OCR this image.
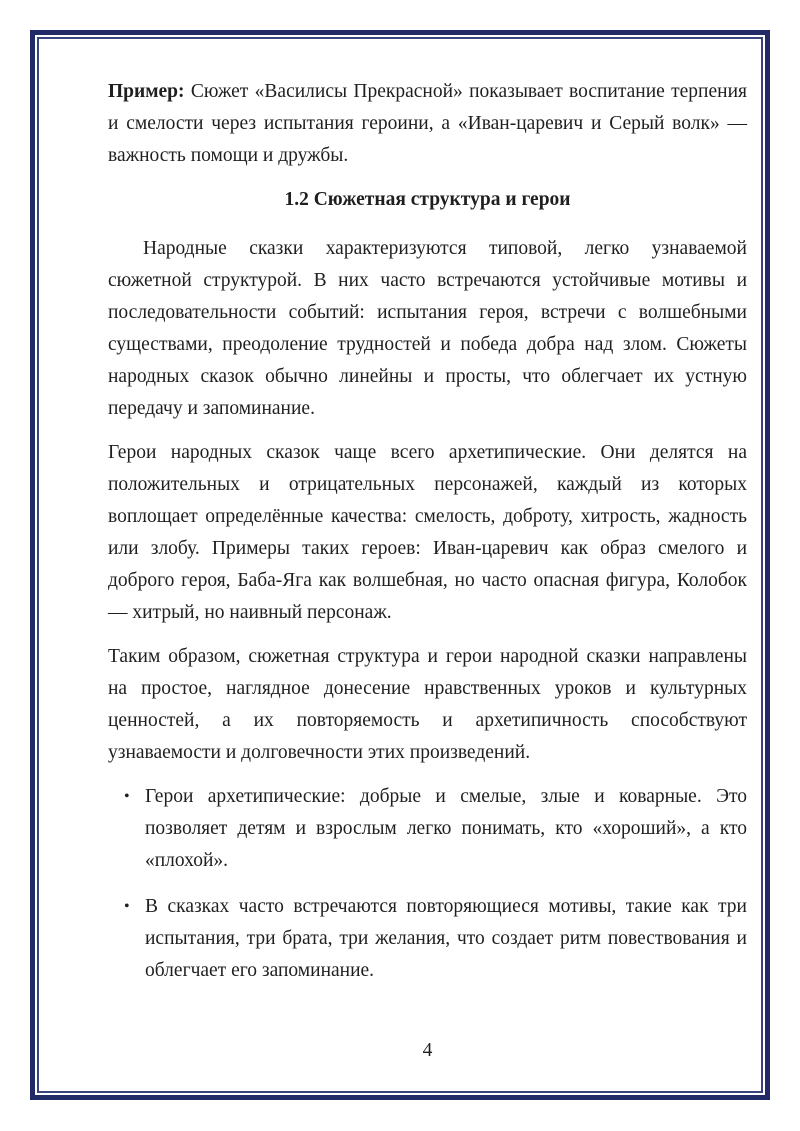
Пример: Сюжет «Василисы Прекрасной» показывает воспитание терпения и смелости через испытания героини, а «Иван-царевич и Серый волк» — важность помощи и дружбы.

1.2 Сюжетная структура и герои

Народные сказки характеризуются типовой, легко узнаваемой сюжетной структурой. В них часто встречаются устойчивые мотивы и последовательности событий: испытания героя, встречи с волшебными существами, преодоление трудностей и победа добра над злом. Сюжеты народных сказок обычно линейны и просты, что облегчает их устную передачу и запоминание.

Герои народных сказок чаще всего архетипические. Они делятся на положительных и отрицательных персонажей, каждый из которых воплощает определённые качества: смелость, доброту, хитрость, жадность или злобу. Примеры таких героев: Иван-царевич как образ смелого и доброго героя, Баба-Яга как волшебная, но часто опасная фигура, Колобок — хитрый, но наивный персонаж.

Таким образом, сюжетная структура и герои народной сказки направлены на простое, наглядное донесение нравственных уроков и культурных ценностей, а их повторяемость и архетипичность способствуют узнаваемости и долговечности этих произведений.

• Герои архетипические: добрые и смелые, злые и коварные. Это позволяет детям и взрослым легко понимать, кто «хороший», а кто «плохой».
• В сказках часто встречаются повторяющиеся мотивы, такие как три испытания, три брата, три желания, что создает ритм повествования и облегчает его запоминание.
4
